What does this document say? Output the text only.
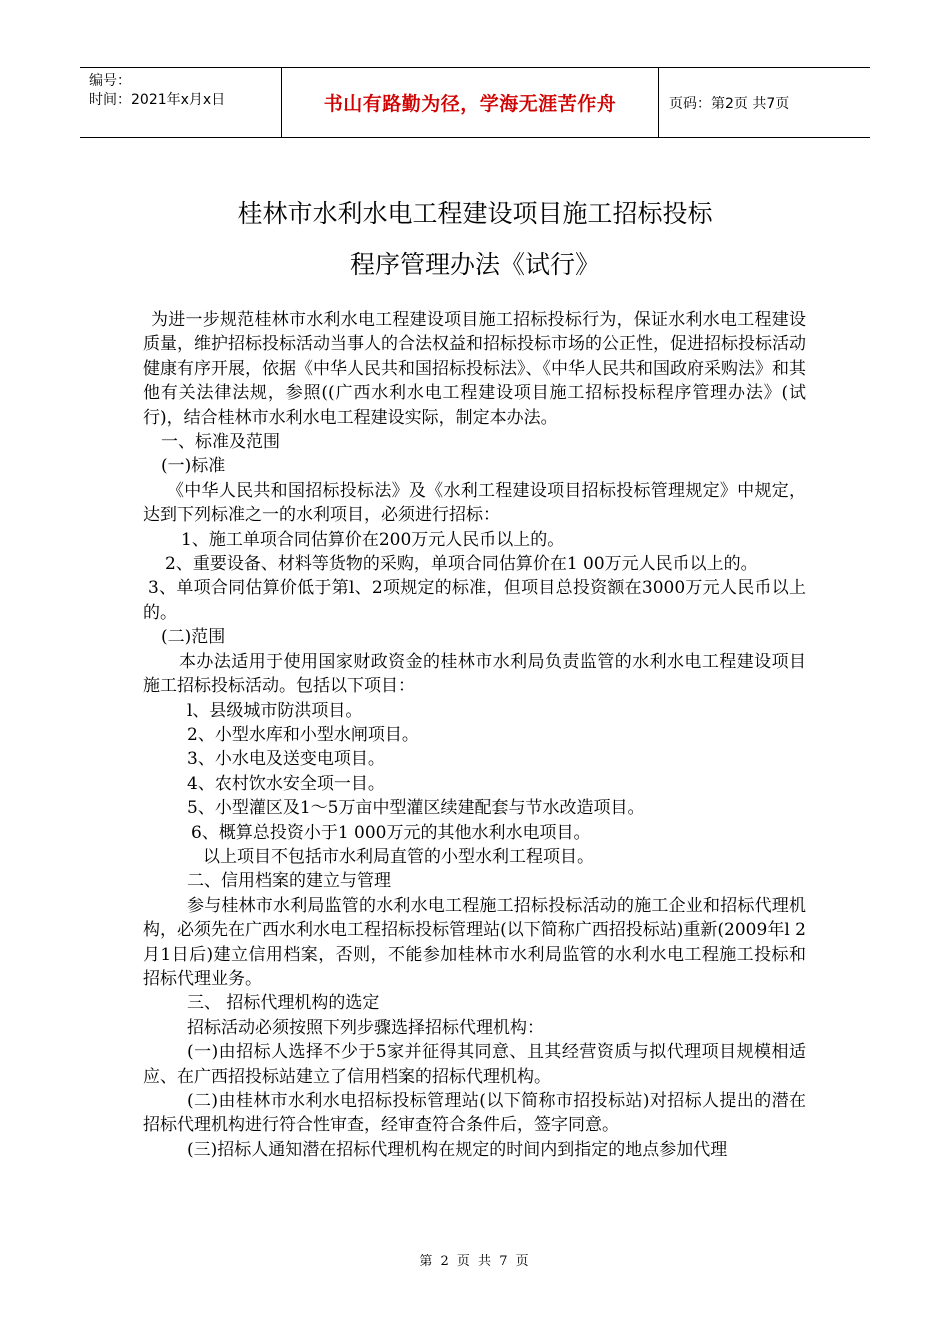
编号：
时间：2021年x月x日	书山有路勤为径，学海无涯苦作舟	页码：第2页 共7页
桂林市水利水电工程建设项目施工招标投标
程序管理办法《试行》

为进一步规范桂林市水利水电工程建设项目施工招标投标行为，保证水利水电工程建设质量，维护招标投标活动当事人的合法权益和招标投标市场的公正性，促进招标投标活动健康有序开展，依据《中华人民共和国招标投标法》、《中华人民共和国政府采购法》和其他有关法律法规，参照((广西水利水电工程建设项目施工招标投标程序管理办法》(试行)，结合桂林市水利水电工程建设实际，制定本办法。

一、标准及范围

(一)标准

《中华人民共和国招标投标法》及《水利工程建设项目招标投标管理规定》中规定，达到下列标准之一的水利项目，必须进行招标：

1、施工单项合同估算价在200万元人民币以上的。

2、重要设备、材料等货物的采购，单项合同估算价在1 00万元人民币以上的。

3、单项合同估算价低于第l、2项规定的标准，但项目总投资额在3000万元人民币以上的。

(二)范围

本办法适用于使用国家财政资金的桂林市水利局负责监管的水利水电工程建设项目施工招标投标活动。包括以下项目：

l、县级城市防洪项目。

2、小型水库和小型水闸项目。

3、小水电及送变电项目。

4、农村饮水安全项一目。

5、小型灌区及1～5万亩中型灌区续建配套与节水改造项目。

6、概算总投资小于1 000万元的其他水利水电项目。

以上项目不包括市水利局直管的小型水利工程项目。

二、信用档案的建立与管理

参与桂林市水利局监管的水利水电工程施工招标投标活动的施工企业和招标代理机构，必须先在广西水利水电工程招标投标管理站(以下简称广西招投标站)重新(2009年l 2月1日后)建立信用档案，否则，不能参加桂林市水利局监管的水利水电工程施工投标和招标代理业务。

三、 招标代理机构的选定

招标活动必须按照下列步骤选择招标代理机构：

(一)由招标人选择不少于5家并征得其同意、且其经营资质与拟代理项目规模相适应、在广西招投标站建立了信用档案的招标代理机构。

(二)由桂林市水利水电招标投标管理站(以下简称市招投标站)对招标人提出的潜在招标代理机构进行符合性审查，经审查符合条件后，签字同意。

(三)招标人通知潜在招标代理机构在规定的时间内到指定的地点参加代理

第 2 页 共 7 页
